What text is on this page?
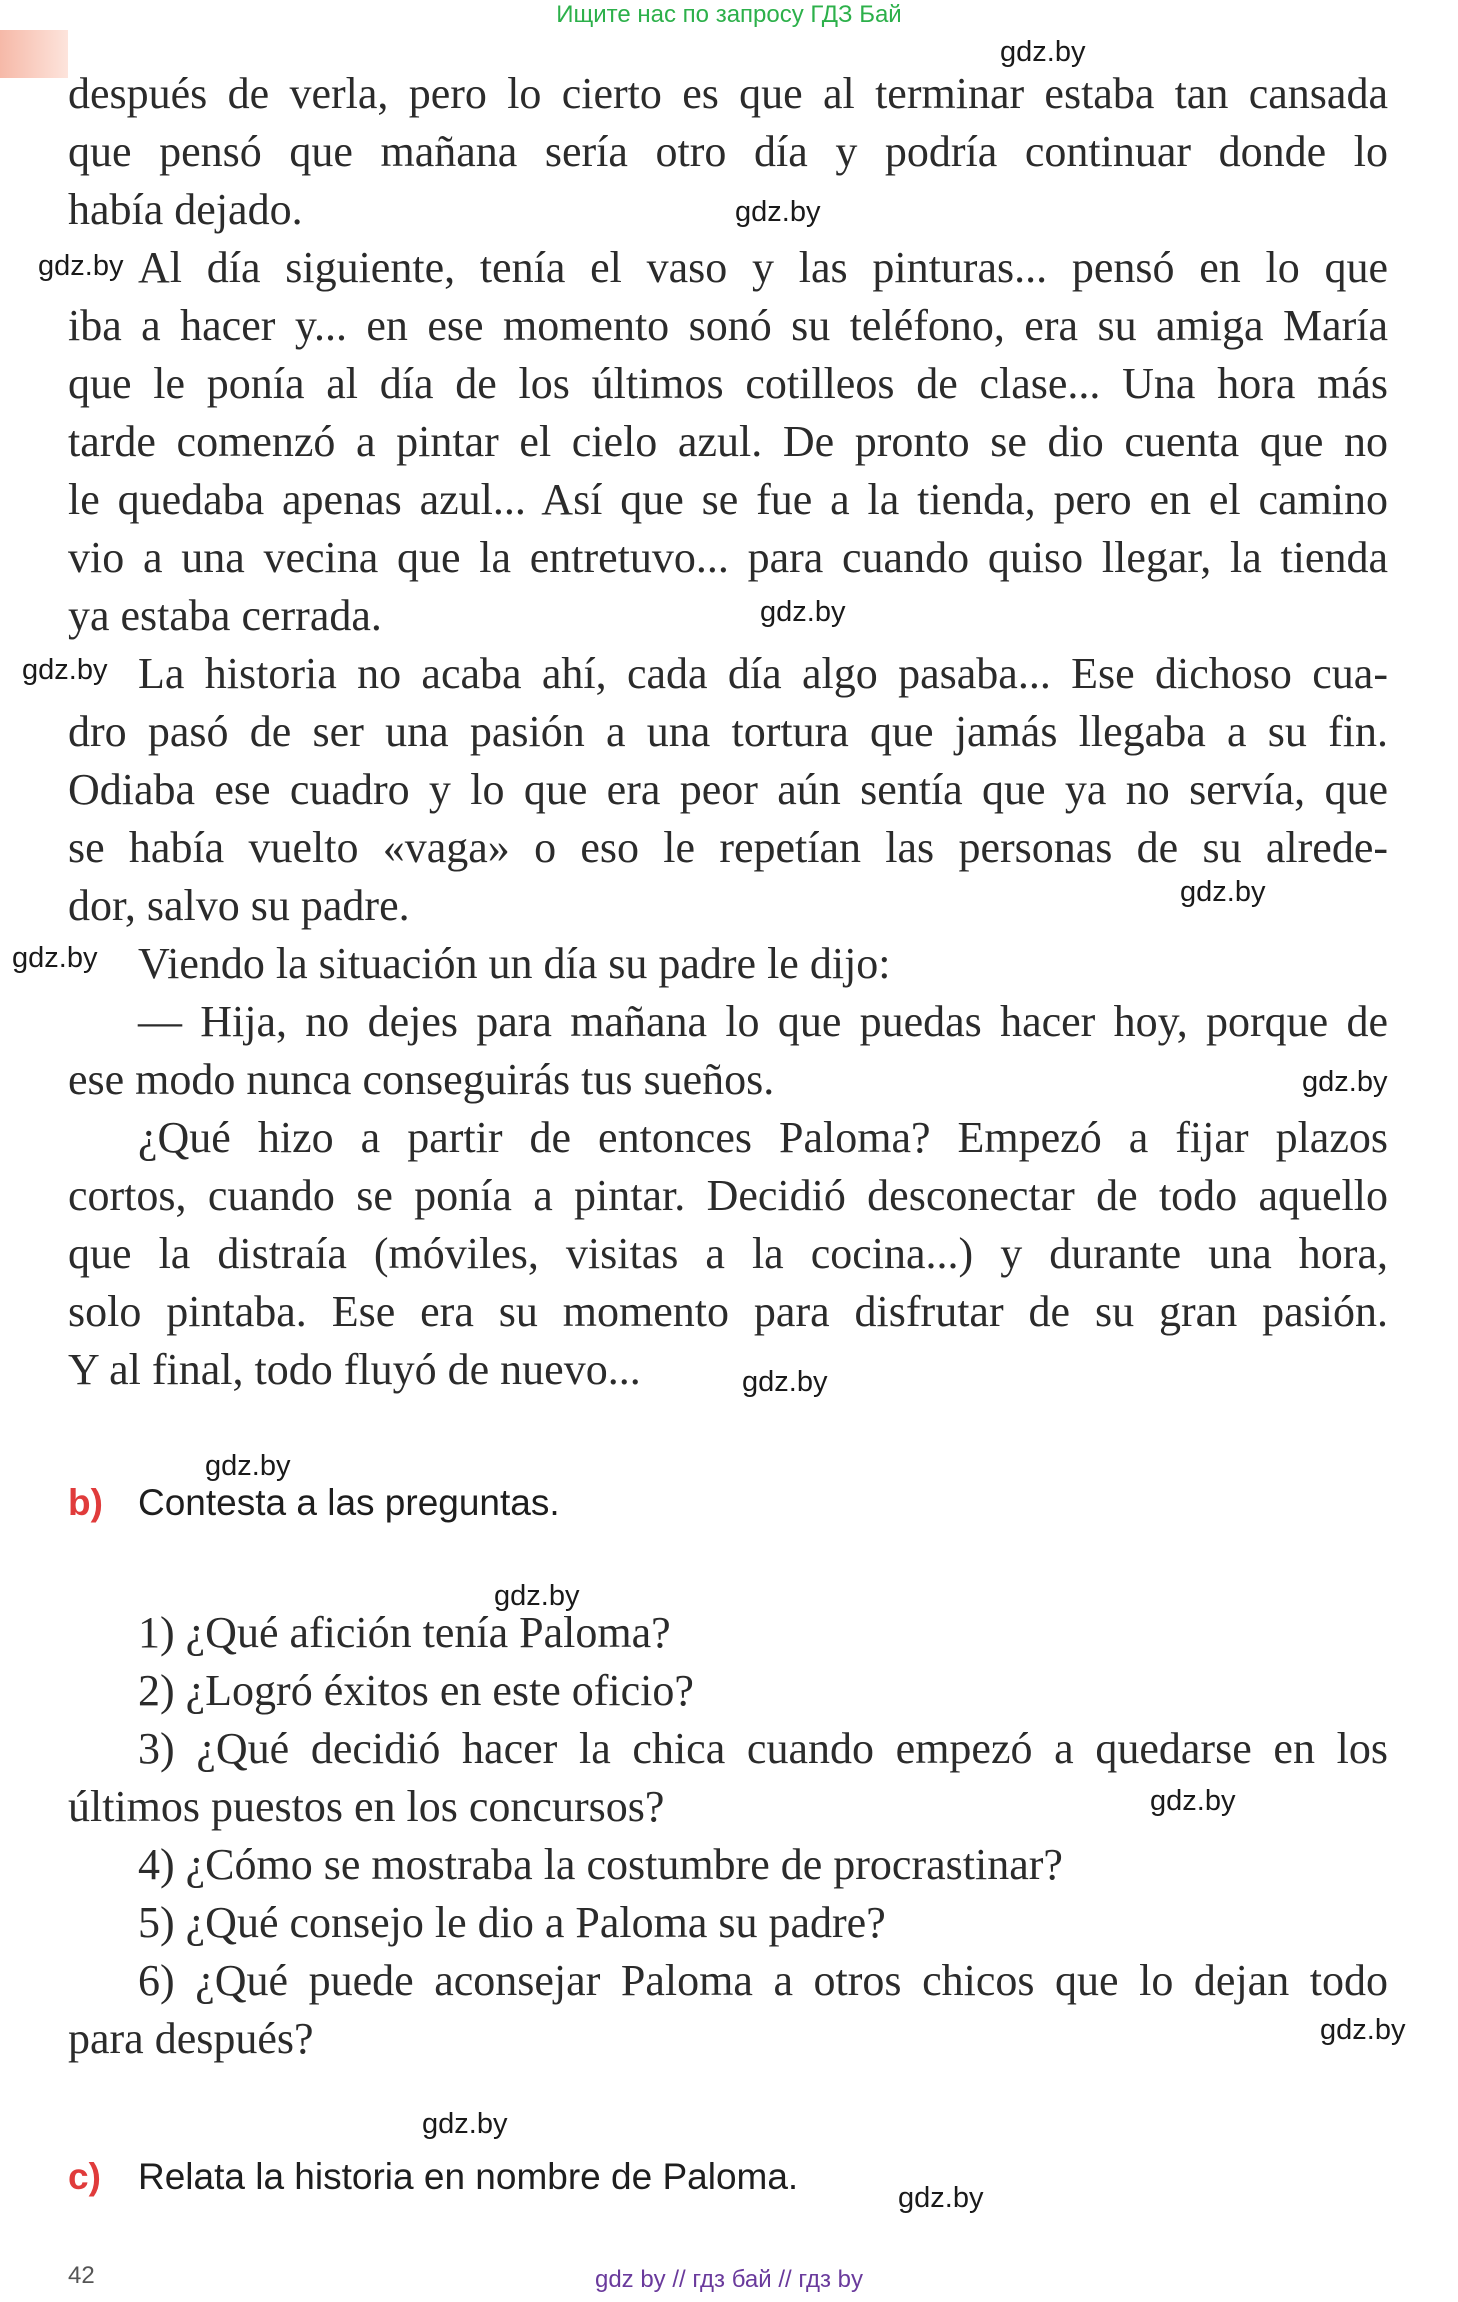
Ищите нас по запросу ГДЗ Бай
gdz.by
gdz.by
gdz.by
gdz.by
gdz.by
gdz.by
gdz.by
gdz.by
gdz.by
gdz.by
gdz.by
gdz.by
gdz.by
gdz.by
gdz.by
después de verla, pero lo cierto es que al terminar estaba tan cansada
que pensó que mañana sería otro día y podría continuar donde lo
había dejado.
Al día siguiente, tenía el vaso y las pinturas... pensó en lo que
iba a hacer y... en ese momento sonó su teléfono, era su amiga María
que le ponía al día de los últimos cotilleos de clase... Una hora más
tarde comenzó a pintar el cielo azul. De pronto se dio cuenta que no
le quedaba apenas azul... Así que se fue a la tienda, pero en el camino
vio a una vecina que la entretuvo... para cuando quiso llegar, la tienda
ya estaba cerrada.
La historia no acaba ahí, cada día algo pasaba... Ese dichoso cua-
dro pasó de ser una pasión a una tortura que jamás llegaba a su fin.
Odiaba ese cuadro y lo que era peor aún sentía que ya no servía, que
se había vuelto «vaga» o eso le repetían las personas de su alrede-
dor, salvo su padre.
Viendo la situación un día su padre le dijo:
— Hija, no dejes para mañana lo que puedas hacer hoy, porque de
ese modo nunca conseguirás tus sueños.
¿Qué hizo a partir de entonces Paloma? Empezó a fijar plazos
cortos, cuando se ponía a pintar. Decidió desconectar de todo aquello
que la distraía (móviles, visitas a la cocina...) y durante una hora,
solo pintaba. Ese era su momento para disfrutar de su gran pasión.
Y al final, todo fluyó de nuevo...
b) Contesta a las preguntas.
1) ¿Qué afición tenía Paloma?
2) ¿Logró éxitos en este oficio?
3) ¿Qué decidió hacer la chica cuando empezó a quedarse en los
últimos puestos en los concursos?
4) ¿Cómo se mostraba la costumbre de procrastinar?
5) ¿Qué consejo le dio a Paloma su padre?
6) ¿Qué puede aconsejar Paloma a otros chicos que lo dejan todo
para después?
c) Relata la historia en nombre de Paloma.
42	gdz by // гдз бай // гдз by
